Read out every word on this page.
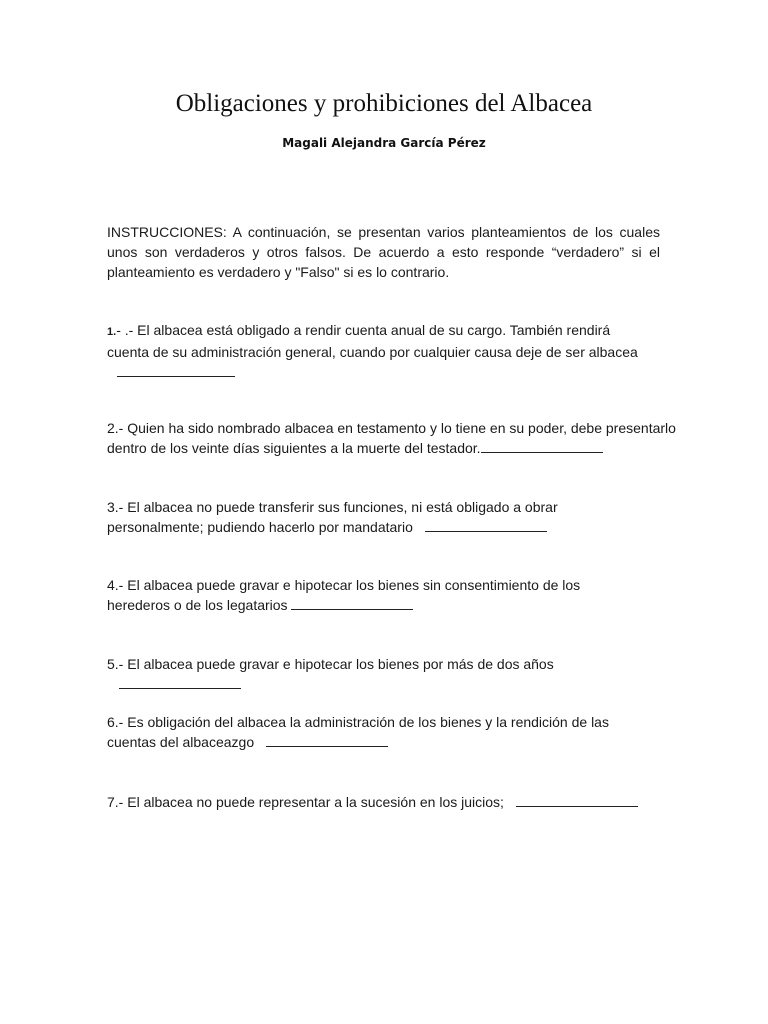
Obligaciones y prohibiciones del Albacea
Magali Alejandra García Pérez

INSTRUCCIONES: A continuación, se presentan varios planteamientos de los cuales unos son verdaderos y otros falsos. De acuerdo a esto responde “verdadero” si el planteamiento es verdadero y "Falso" si es lo contrario.

1.- .- El albacea está obligado a rendir cuenta anual de su cargo. También rendirá cuenta de su administración general, cuando por cualquier causa deje de ser albacea

2.- Quien ha sido nombrado albacea en testamento y lo tiene en su poder, debe presentarlo dentro de los veinte días siguientes a la muerte del testador.

3.- El albacea no puede transferir sus funciones, ni está obligado a obrar personalmente; pudiendo hacerlo por mandatario

4.- El albacea puede gravar e hipotecar los bienes sin consentimiento de los herederos o de los legatarios

5.- El albacea puede gravar e hipotecar los bienes por más de dos años

6.- Es obligación del albacea la administración de los bienes y la rendición de las cuentas del albaceazgo

7.- El albacea no puede representar a la sucesión en los juicios;
